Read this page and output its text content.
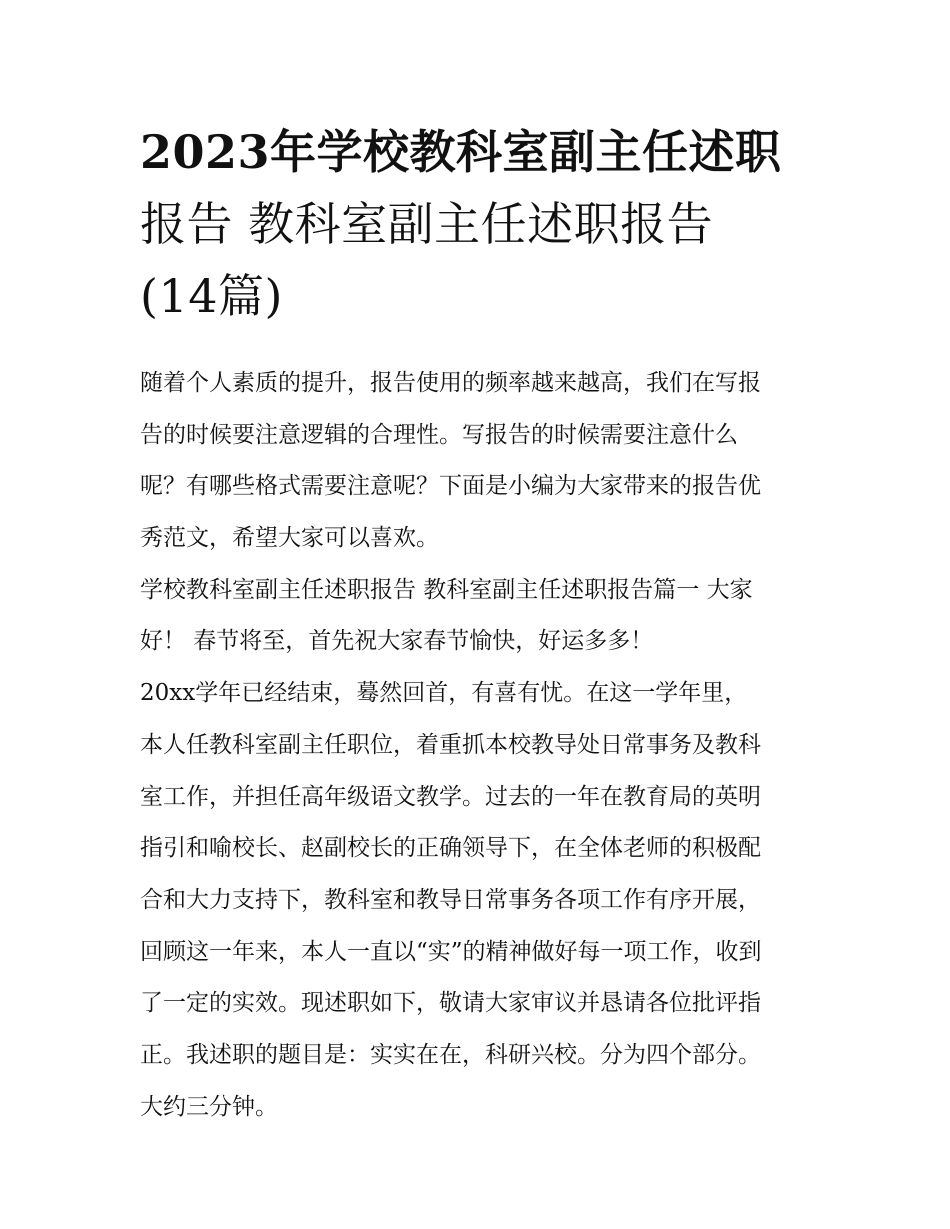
2023年学校教科室副主任述职
报告 教科室副主任述职报告
(14篇)
随着个人素质的提升，报告使用的频率越来越高，我们在写报
告的时候要注意逻辑的合理性。写报告的时候需要注意什么
呢？有哪些格式需要注意呢？下面是小编为大家带来的报告优
秀范文，希望大家可以喜欢。
学校教科室副主任述职报告 教科室副主任述职报告篇一 大家
好！ 春节将至，首先祝大家春节愉快，好运多多！
20xx学年已经结束，蓦然回首，有喜有忧。在这一学年里，
本人任教科室副主任职位，着重抓本校教导处日常事务及教科
室工作，并担任高年级语文教学。过去的一年在教育局的英明
指引和喻校长、赵副校长的正确领导下，在全体老师的积极配
合和大力支持下，教科室和教导日常事务各项工作有序开展，
回顾这一年来，本人一直以“实”的精神做好每一项工作，收到
了一定的实效。现述职如下，敬请大家审议并恳请各位批评指
正。我述职的题目是：实实在在，科研兴校。分为四个部分。
大约三分钟。
